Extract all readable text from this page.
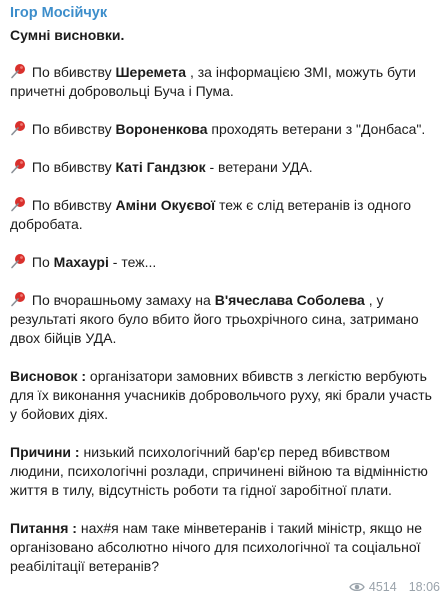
Ігор Мосійчук
Сумні висновки.
По вбивству Шеремета , за інформацією ЗМІ, можуть бути причетні добровольці Буча і Пума.
По вбивству Вороненкова проходять ветерани з "Донбаса".
По вбивству Каті Гандзюк - ветерани УДА.
По вбивству Аміни Окуєвої теж є слід ветеранів із одного добробата.
По Махаурі - теж...
По вчорашньому замаху на В'ячеслава Соболева , у результаті якого було вбито його трьохрічного сина, затримано двох бійців УДА.
Висновок : організатори замовних вбивств з легкістю вербують для їх виконання учасників добровольчого руху, які брали участь у бойових діях.
Причини : низький психологічний бар'єр перед вбивством людини, психологічні розлади, спричинені війною та відмінністю життя в тилу, відсутність роботи та гідної заробітної плати.
Питання : нах#я нам таке мінветеранів і такий міністр, якщо не організовано абсолютно нічого для психологічної та соціальної реабілітації ветеранів?
4514 18:06
